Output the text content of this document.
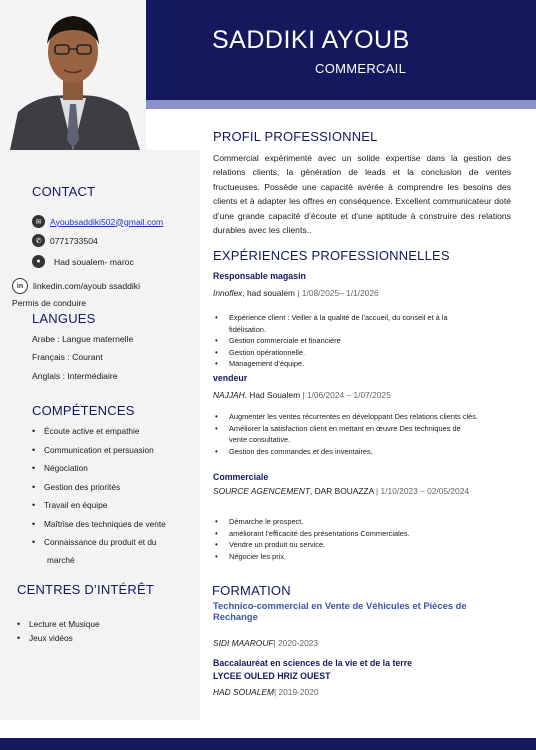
SADDIKI AYOUB
COMMERCAIL
CONTACT
✉ Ayoubsaddiki502@gmail.com
✆ 0771733504
●	Had soualem- maroc
in	linkedin.com/ayoub ssaddiki
Permis de conduire
LANGUES
Arabe : Langue maternelle
Français : Courant
Anglais : Intermédiaire
COMPÉTENCES
• Écoute active et empathie
• Communication et persuasion
• Négociation
• Gestion des priorités
• Travail en équipe
• Maîtrise des techniques de vente
• Connaissance du produit et du
marché
CENTRES D’INTÉRÊT
• Lecture et Musique
• Jeux vidéos
PROFIL PROFESSIONNEL
Commercial expérimenté avec un solide expertise dans la gestion des relations clients, la génération de leads et la conclusion de ventes fructueuses. Possède une capacité avérée à comprendre les besoins des clients et à adapter les offres en conséquence. Excellent communicateur doté d’une grande capacité d’écoute et d’une aptitude à construire des relations durables avec les clients..
EXPÉRIENCES PROFESSIONNELLES
Responsable magasin
Innoflex, had soualem | 1/08/2025– 1/1/2026
• Expérience client : Veiller à la qualité de l’accueil, du conseil et à la fidélisation.
• Gestion commerciale et financière
• Gestion opérationnelle.
• Management d’équipe.
vendeur
NAJJAH. Had Soualem | 1/06/2024 – 1/07/2025
• Augmenter les ventes récurrentes en développant Des relations clients clés.
• Améliorer la satisfaction client en mettant en œuvre Des techniques de vente consultative.
• Gestion des commandes et des inventaires,
Commerciale
SOURCE AGENCEMENT, DAR BOUAZZA | 1/10/2023 – 02/05/2024
• Démarche le prospect.
• améliorant l’efficacité des présentations Commerciales.
• Vendre un produit ou service.
• Négocier les prix.
FORMATION
Technico-commercial en Vente de Véhicules et Pièces de Rechange
SIDI MAAROUF| 2020-2023
Baccalauréat en sciences de la vie et de la terre LYCEE OULED HRIZ OUEST
HAD SOUALEM| 2019-2020
